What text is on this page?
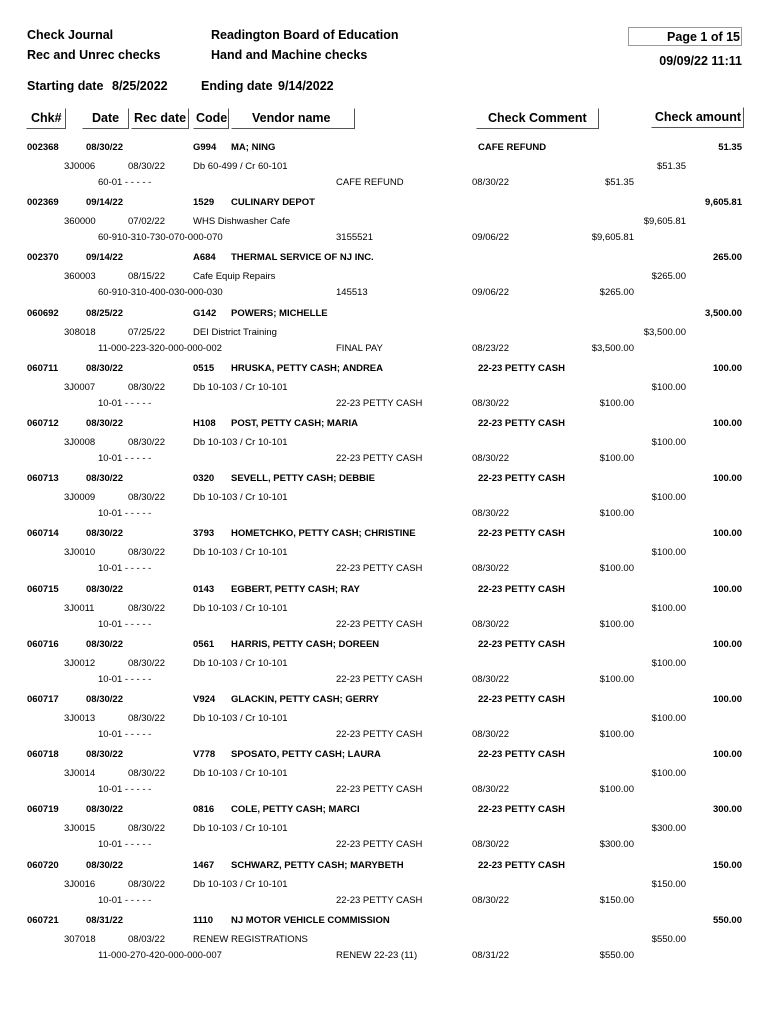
Check Journal
Rec and Unrec checks
Readington Board of Education
Hand and Machine checks
Page 1 of 15
09/09/22 11:11
Starting date 8/25/2022	Ending date 9/14/2022
Chk# Date Rec date Code Vendor name	Check Comment	Check amount
002368	08/30/22	G994 MA; NING	CAFE REFUND	51.35
3J0006	08/30/22	Db 60-499 / Cr 60-101	$51.35
60-01 - - - - -	CAFE REFUND	08/30/22	$51.35
002369	09/14/22	1529 CULINARY DEPOT	9,605.81
360000	07/02/22	WHS Dishwasher Cafe	$9,605.81
60-910-310-730-070-000-070	3155521	09/06/22	$9,605.81
002370	09/14/22	A684 THERMAL SERVICE OF NJ INC.	265.00
360003	08/15/22	Cafe Equip Repairs	$265.00
60-910-310-400-030-000-030	145513	09/06/22	$265.00
060692	08/25/22	G142 POWERS; MICHELLE	3,500.00
308018	07/25/22	DEI District Training	$3,500.00
11-000-223-320-000-000-002	FINAL PAY	08/23/22	$3,500.00
060711	08/30/22	0515 HRUSKA, PETTY CASH; ANDREA	22-23 PETTY CASH	100.00
3J0007	08/30/22	Db 10-103 / Cr 10-101	$100.00
10-01 - - - - -	22-23 PETTY CASH	08/30/22	$100.00
060712	08/30/22	H108 POST, PETTY CASH; MARIA	22-23 PETTY CASH	100.00
3J0008	08/30/22	Db 10-103 / Cr 10-101	$100.00
10-01 - - - - -	22-23 PETTY CASH	08/30/22	$100.00
060713	08/30/22	0320 SEVELL, PETTY CASH; DEBBIE	22-23 PETTY CASH	100.00
3J0009	08/30/22	Db 10-103 / Cr 10-101	$100.00
10-01 - - - - -	08/30/22	$100.00
060714	08/30/22	3793 HOMETCHKO, PETTY CASH; CHRISTINE	22-23 PETTY CASH	100.00
3J0010	08/30/22	Db 10-103 / Cr 10-101	$100.00
10-01 - - - - -	22-23 PETTY CASH	08/30/22	$100.00
060715	08/30/22	0143 EGBERT, PETTY CASH; RAY	22-23 PETTY CASH	100.00
3J0011	08/30/22	Db 10-103 / Cr 10-101	$100.00
10-01 - - - - -	22-23 PETTY CASH	08/30/22	$100.00
060716	08/30/22	0561 HARRIS, PETTY CASH; DOREEN	22-23 PETTY CASH	100.00
3J0012	08/30/22	Db 10-103 / Cr 10-101	$100.00
10-01 - - - - -	22-23 PETTY CASH	08/30/22	$100.00
060717	08/30/22	V924 GLACKIN, PETTY CASH; GERRY	22-23 PETTY CASH	100.00
3J0013	08/30/22	Db 10-103 / Cr 10-101	$100.00
10-01 - - - - -	22-23 PETTY CASH	08/30/22	$100.00
060718	08/30/22	V778 SPOSATO, PETTY CASH; LAURA	22-23 PETTY CASH	100.00
3J0014	08/30/22	Db 10-103 / Cr 10-101	$100.00
10-01 - - - - -	22-23 PETTY CASH	08/30/22	$100.00
060719	08/30/22	0816 COLE, PETTY CASH; MARCI	22-23 PETTY CASH	300.00
3J0015	08/30/22	Db 10-103 / Cr 10-101	$300.00
10-01 - - - - -	22-23 PETTY CASH	08/30/22	$300.00
060720	08/30/22	1467 SCHWARZ, PETTY CASH; MARYBETH	22-23 PETTY CASH	150.00
3J0016	08/30/22	Db 10-103 / Cr 10-101	$150.00
10-01 - - - - -	22-23 PETTY CASH	08/30/22	$150.00
060721	08/31/22	1110 NJ MOTOR VEHICLE COMMISSION	550.00
307018	08/03/22	RENEW REGISTRATIONS	$550.00
11-000-270-420-000-000-007	RENEW 22-23 (11)	08/31/22	$550.00
